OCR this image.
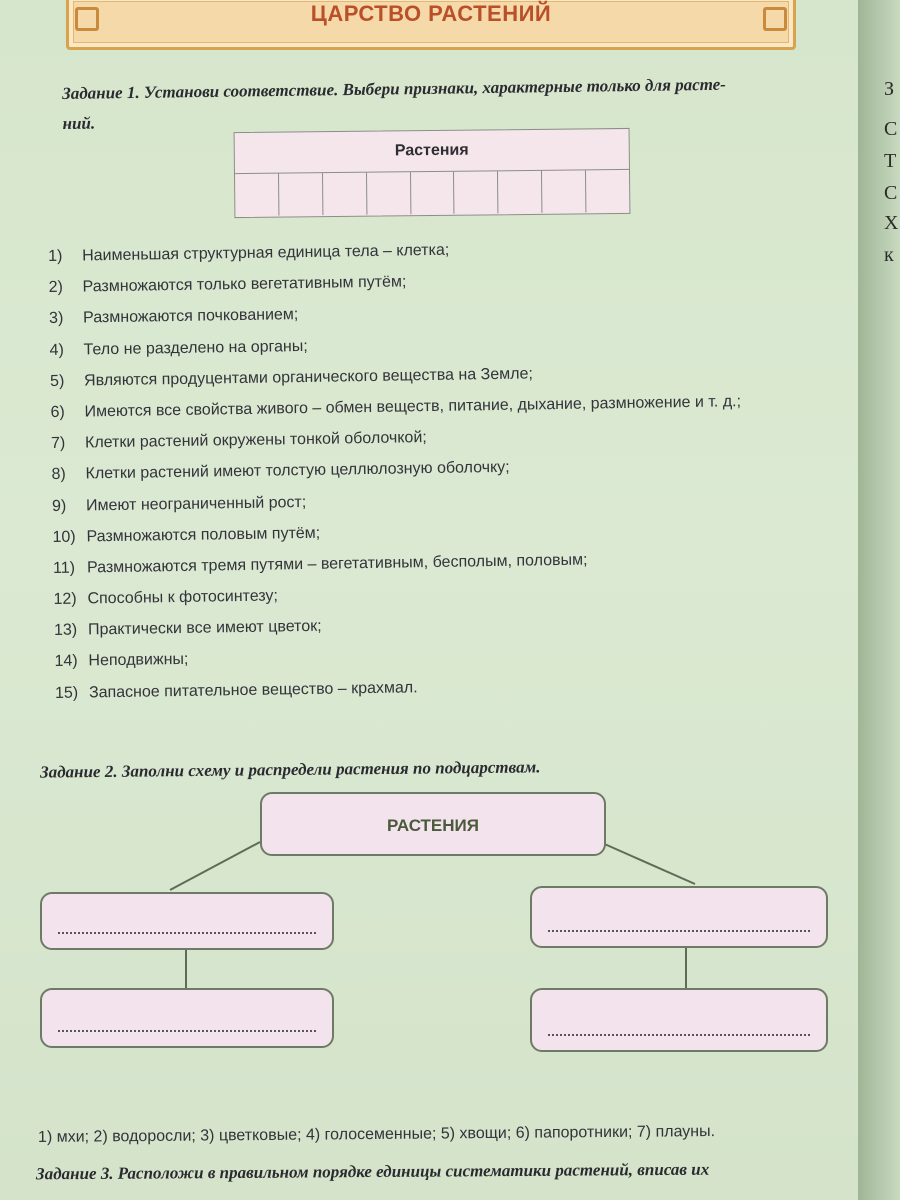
З
С
Т
С
Х
к
ЦАРСТВО РАСТЕНИЙ
Задание 1. Установи соответствие. Выбери признаки, характерные только для расте-
ний.
Растения
1) Наименьшая структурная единица тела – клетка;
2) Размножаются только вегетативным путём;
3) Размножаются почкованием;
4) Тело не разделено на органы;
5) Являются продуцентами органического вещества на Земле;
6) Имеются все свойства живого – обмен веществ, питание, дыхание, размножение и т. д.;
7) Клетки растений окружены тонкой оболочкой;
8) Клетки растений имеют толстую целлюлозную оболочку;
9) Имеют неограниченный рост;
10) Размножаются половым путём;
11) Размножаются тремя путями – вегетативным, бесполым, половым;
12) Способны к фотосинтезу;
13) Практически все имеют цветок;
14) Неподвижны;
15) Запасное питательное вещество – крахмал.
Задание 2. Заполни схему и распредели растения по подцарствам.
РАСТЕНИЯ
1) мхи; 2) водоросли; 3) цветковые; 4) голосеменные; 5) хвощи; 6) папоротники; 7) плауны.
Задание 3. Расположи в правильном порядке единицы систематики растений, вписав их
